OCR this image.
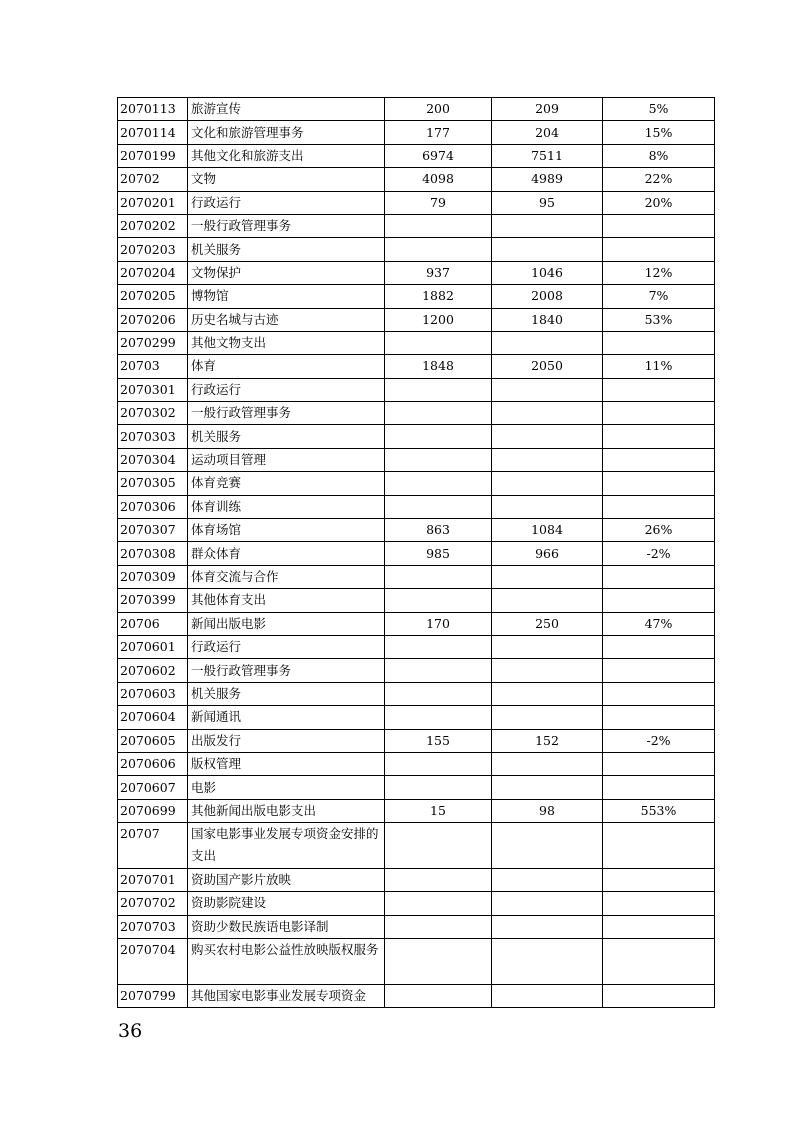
2070113	旅游宣传	200	209	5%
2070114	文化和旅游管理事务	177	204	15%
2070199	其他文化和旅游支出	6974	7511	8%
20702	文物	4098	4989	22%
2070201	行政运行	79	95	20%
2070202	一般行政管理事务			
2070203	机关服务			
2070204	文物保护	937	1046	12%
2070205	博物馆	1882	2008	7%
2070206	历史名城与古迹	1200	1840	53%
2070299	其他文物支出			
20703	体育	1848	2050	11%
2070301	行政运行			
2070302	一般行政管理事务			
2070303	机关服务			
2070304	运动项目管理			
2070305	体育竞赛			
2070306	体育训练			
2070307	体育场馆	863	1084	26%
2070308	群众体育	985	966	-2%
2070309	体育交流与合作			
2070399	其他体育支出			
20706	新闻出版电影	170	250	47%
2070601	行政运行			
2070602	一般行政管理事务			
2070603	机关服务			
2070604	新闻通讯			
2070605	出版发行	155	152	-2%
2070606	版权管理			
2070607	电影			
2070699	其他新闻出版电影支出	15	98	553%
20707	国家电影事业发展专项资金安排的支出			
2070701	资助国产影片放映			
2070702	资助影院建设			
2070703	资助少数民族语电影译制			
2070704	购买农村电影公益性放映版权服务			
2070799	其他国家电影事业发展专项资金			
36
